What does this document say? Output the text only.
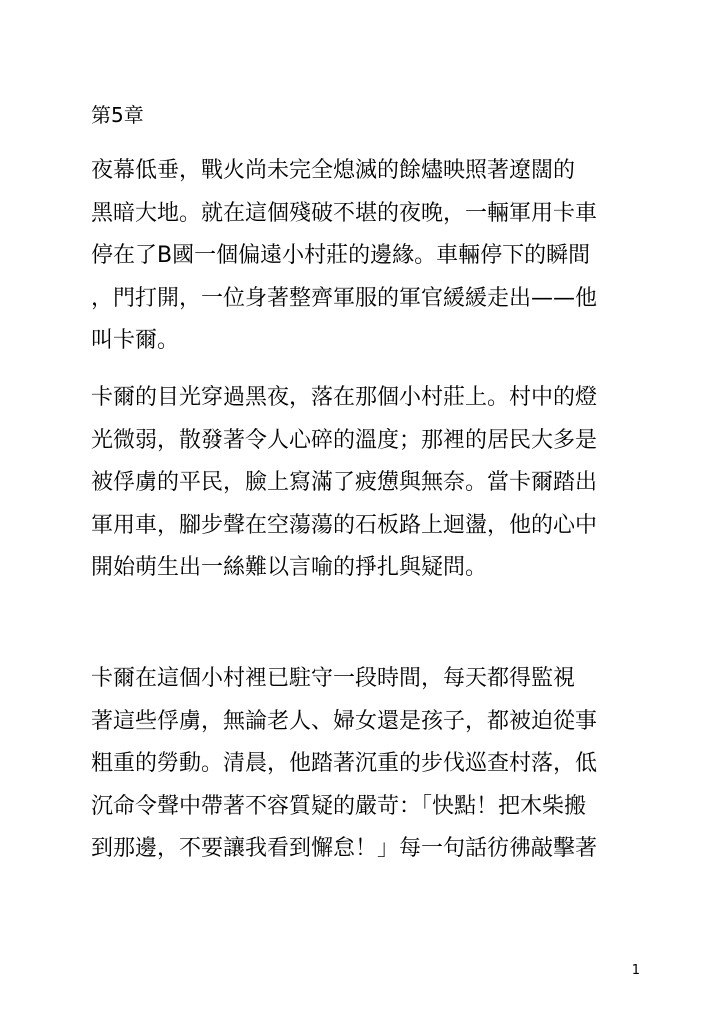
第5章

夜幕低垂，戰火尚未完全熄滅的餘燼映照著遼闊的
黑暗大地。就在這個殘破不堪的夜晚，一輛軍用卡車
停在了B國一個偏遠小村莊的邊緣。車輛停下的瞬間
，門打開，一位身著整齊軍服的軍官緩緩走出——他
叫卡爾。

卡爾的目光穿過黑夜，落在那個小村莊上。村中的燈
光微弱，散發著令人心碎的溫度；那裡的居民大多是
被俘虜的平民，臉上寫滿了疲憊與無奈。當卡爾踏出
軍用車，腳步聲在空蕩蕩的石板路上迴盪，他的心中
開始萌生出一絲難以言喻的掙扎與疑問。

卡爾在這個小村裡已駐守一段時間，每天都得監視
著這些俘虜，無論老人、婦女還是孩子，都被迫從事
粗重的勞動。清晨，他踏著沉重的步伐巡查村落，低
沉命令聲中帶著不容質疑的嚴苛：「快點！把木柴搬
到那邊，不要讓我看到懈怠！」每一句話彷彿敲擊著

1
